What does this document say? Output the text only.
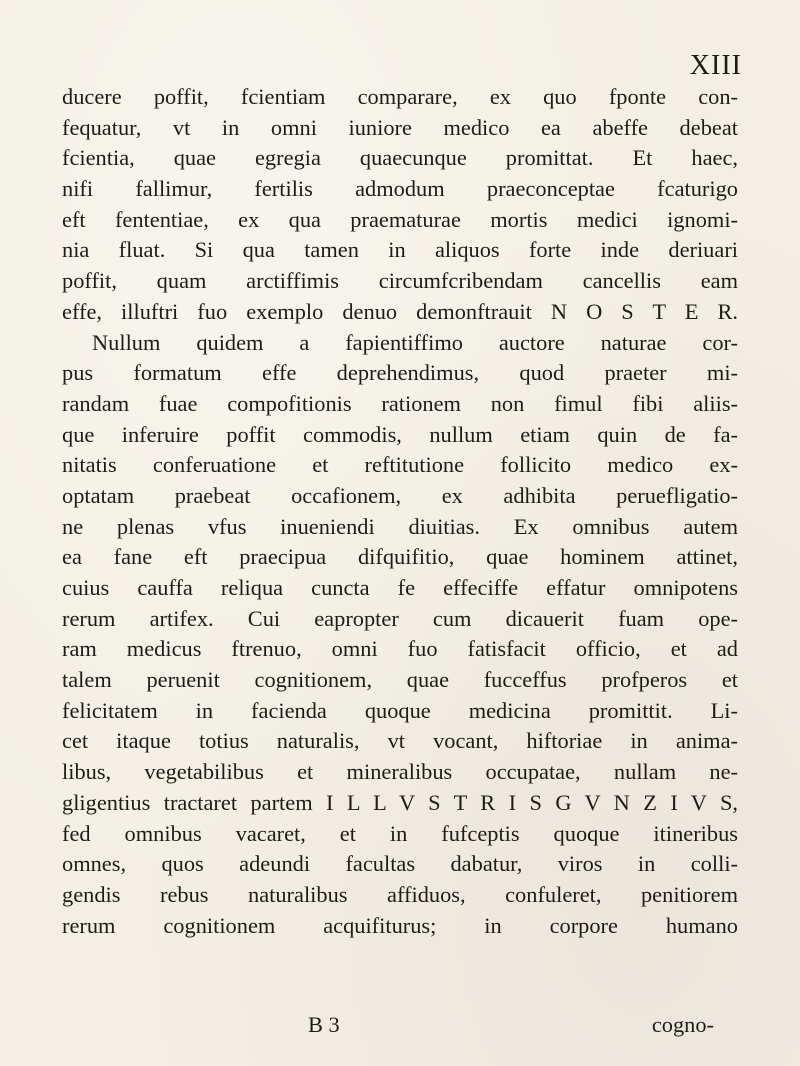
XIII
ducere poffit, fcientiam comparare, ex quo fponte con-
fequatur, vt in omni iuniore medico ea abeffe debeat
fcientia, quae egregia quaecunque promittat. Et haec,
nifi fallimur, fertilis admodum praeconceptae fcaturigo
eft fententiae, ex qua praematurae mortis medici ignomi-
nia fluat. Si qua tamen in aliquos forte inde deriuari
poffit, quam arctiffimis circumfcribendam cancellis eam
effe, illuftri fuo exemplo denuo demonftrauit N O S T E R.
Nullum quidem a fapientiffimo auctore naturae cor-
pus formatum effe deprehendimus, quod praeter mi-
randam fuae compofitionis rationem non fimul fibi aliis-
que inferuire poffit commodis, nullum etiam quin de fa-
nitatis conferuatione et reftitutione follicito medico ex-
optatam praebeat occafionem, ex adhibita peruefligatio-
ne plenas vfus inueniendi diuitias. Ex omnibus autem
ea fane eft praecipua difquifitio, quae hominem attinet,
cuius cauffa reliqua cuncta fe effeciffe effatur omnipotens
rerum artifex. Cui eapropter cum dicauerit fuam ope-
ram medicus ftrenuo, omni fuo fatisfacit officio, et ad
talem peruenit cognitionem, quae fucceffus profperos et
felicitatem in facienda quoque medicina promittit. Li-
cet itaque totius naturalis, vt vocant, hiftoriae in anima-
libus, vegetabilibus et mineralibus occupatae, nullam ne-
gligentius tractaret partem I L L V S T R I S G V N Z I V S,
fed omnibus vacaret, et in fufceptis quoque itineribus
omnes, quos adeundi facultas dabatur, viros in colli-
gendis rebus naturalibus affiduos, confuleret, penitiorem
rerum cognitionem acquifiturus; in corpore humano
B 3	cogno-
